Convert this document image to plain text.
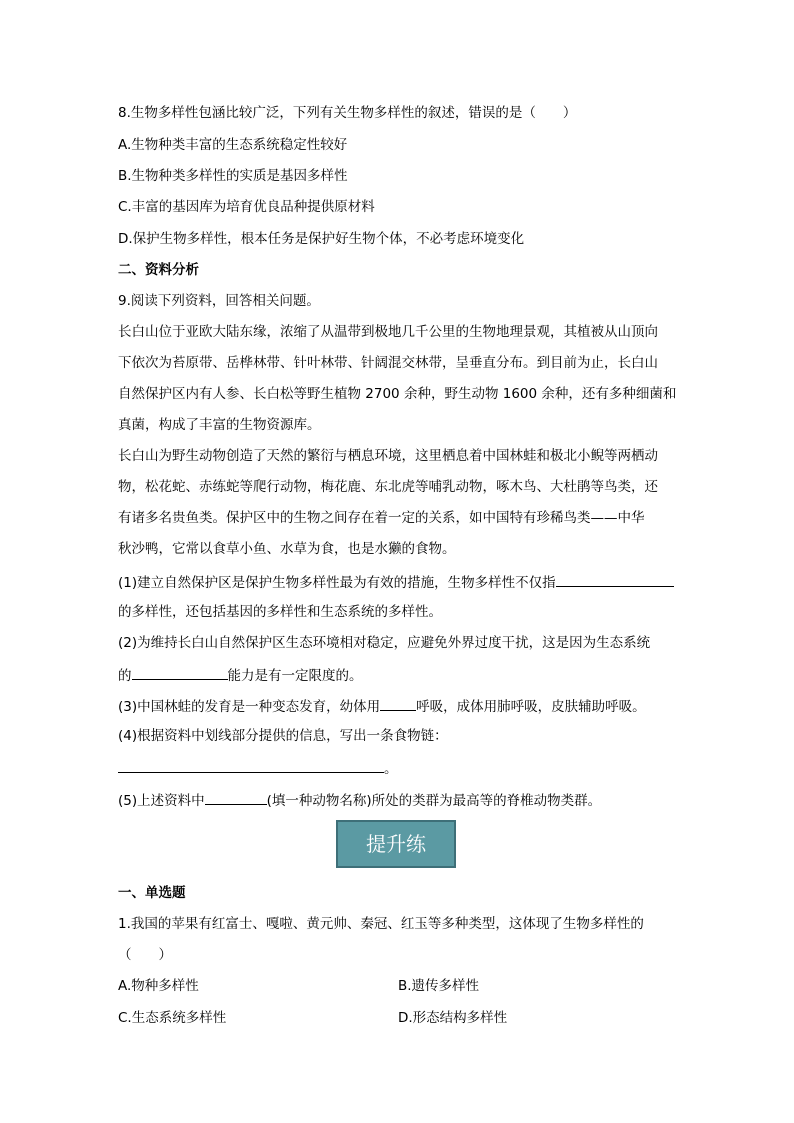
8.生物多样性包涵比较广泛，下列有关生物多样性的叙述，错误的是（　　）
A.生物种类丰富的生态系统稳定性较好
B.生物种类多样性的实质是基因多样性
C.丰富的基因库为培育优良品种提供原材料
D.保护生物多样性，根本任务是保护好生物个体，不必考虑环境变化
二、资料分析
9.阅读下列资料，回答相关问题。
长白山位于亚欧大陆东缘，浓缩了从温带到极地几千公里的生物地理景观，其植被从山顶向
下依次为苔原带、岳桦林带、针叶林带、针阔混交林带，呈垂直分布。到目前为止，长白山
自然保护区内有人参、长白松等野生植物 2700 余种，野生动物 1600 余种，还有多种细菌和
真菌，构成了丰富的生物资源库。
长白山为野生动物创造了天然的繁衍与栖息环境，这里栖息着中国林蛙和极北小鲵等两栖动
物，松花蛇、赤练蛇等爬行动物，梅花鹿、东北虎等哺乳动物，啄木鸟、大杜鹃等鸟类，还
有诸多名贵鱼类。保护区中的生物之间存在着一定的关系，如中国特有珍稀鸟类——中华
秋沙鸭，它常以食草小鱼、水草为食，也是水獭的食物。
(1)建立自然保护区是保护生物多样性最为有效的措施，生物多样性不仅指
的多样性，还包括基因的多样性和生态系统的多样性。
(2)为维持长白山自然保护区生态环境相对稳定，应避免外界过度干扰，这是因为生态系统
的	能力是有一定限度的。
(3)中国林蛙的发育是一种变态发育，幼体用	呼吸，成体用肺呼吸，皮肤辅助呼吸。
(4)根据资料中划线部分提供的信息，写出一条食物链：
。
(5)上述资料中	(填一种动物名称)所处的类群为最高等的脊椎动物类群。
提升练
一、单选题
1.我国的苹果有红富士、嘎啦、黄元帅、秦冠、红玉等多种类型，这体现了生物多样性的
（　　）
A.物种多样性	B.遗传多样性
C.生态系统多样性	D.形态结构多样性
